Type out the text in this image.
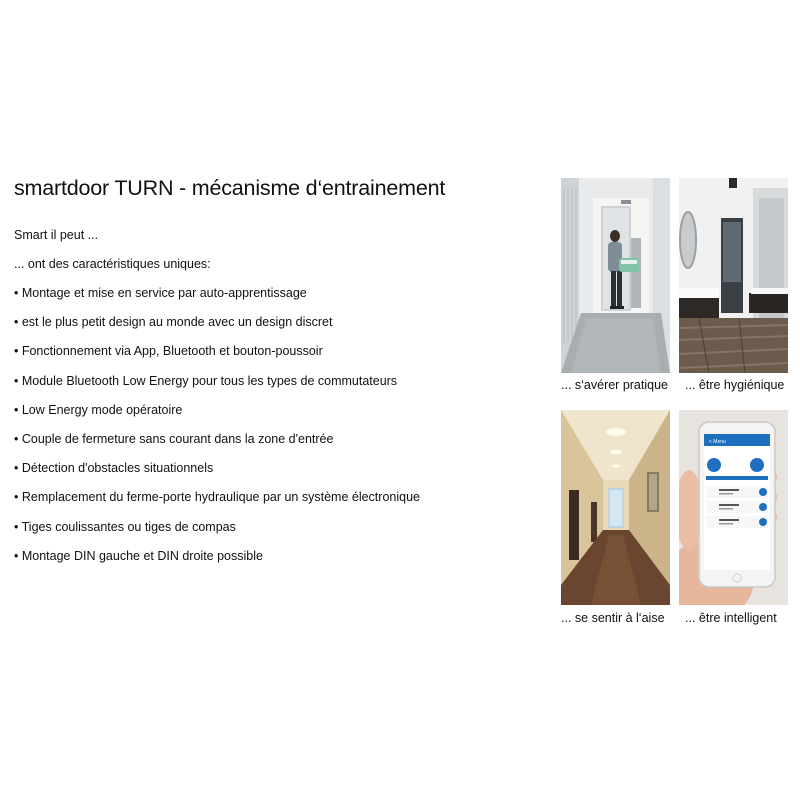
smartdoor TURN - mécanisme d‘entrainement

Smart il peut ...

... ont des caractéristiques uniques:

• Montage et mise en service par auto-apprentissage
• est le plus petit design au monde avec un design discret
• Fonctionnement via App, Bluetooth et bouton-poussoir
• Module Bluetooth Low Energy pour tous les types de commutateurs
• Low Energy mode opératoire
• Couple de fermeture sans courant dans la zone d'entrée
• Détection d'obstacles situationnels
• Remplacement du ferme-porte hydraulique par un système électronique
• Tiges coulissantes ou tiges de compas
• Montage DIN gauche et DIN droite possible
... s‘avérer pratique ... être hygiénique
... se sentir à l‘aise
< Menu
... être intelligent
